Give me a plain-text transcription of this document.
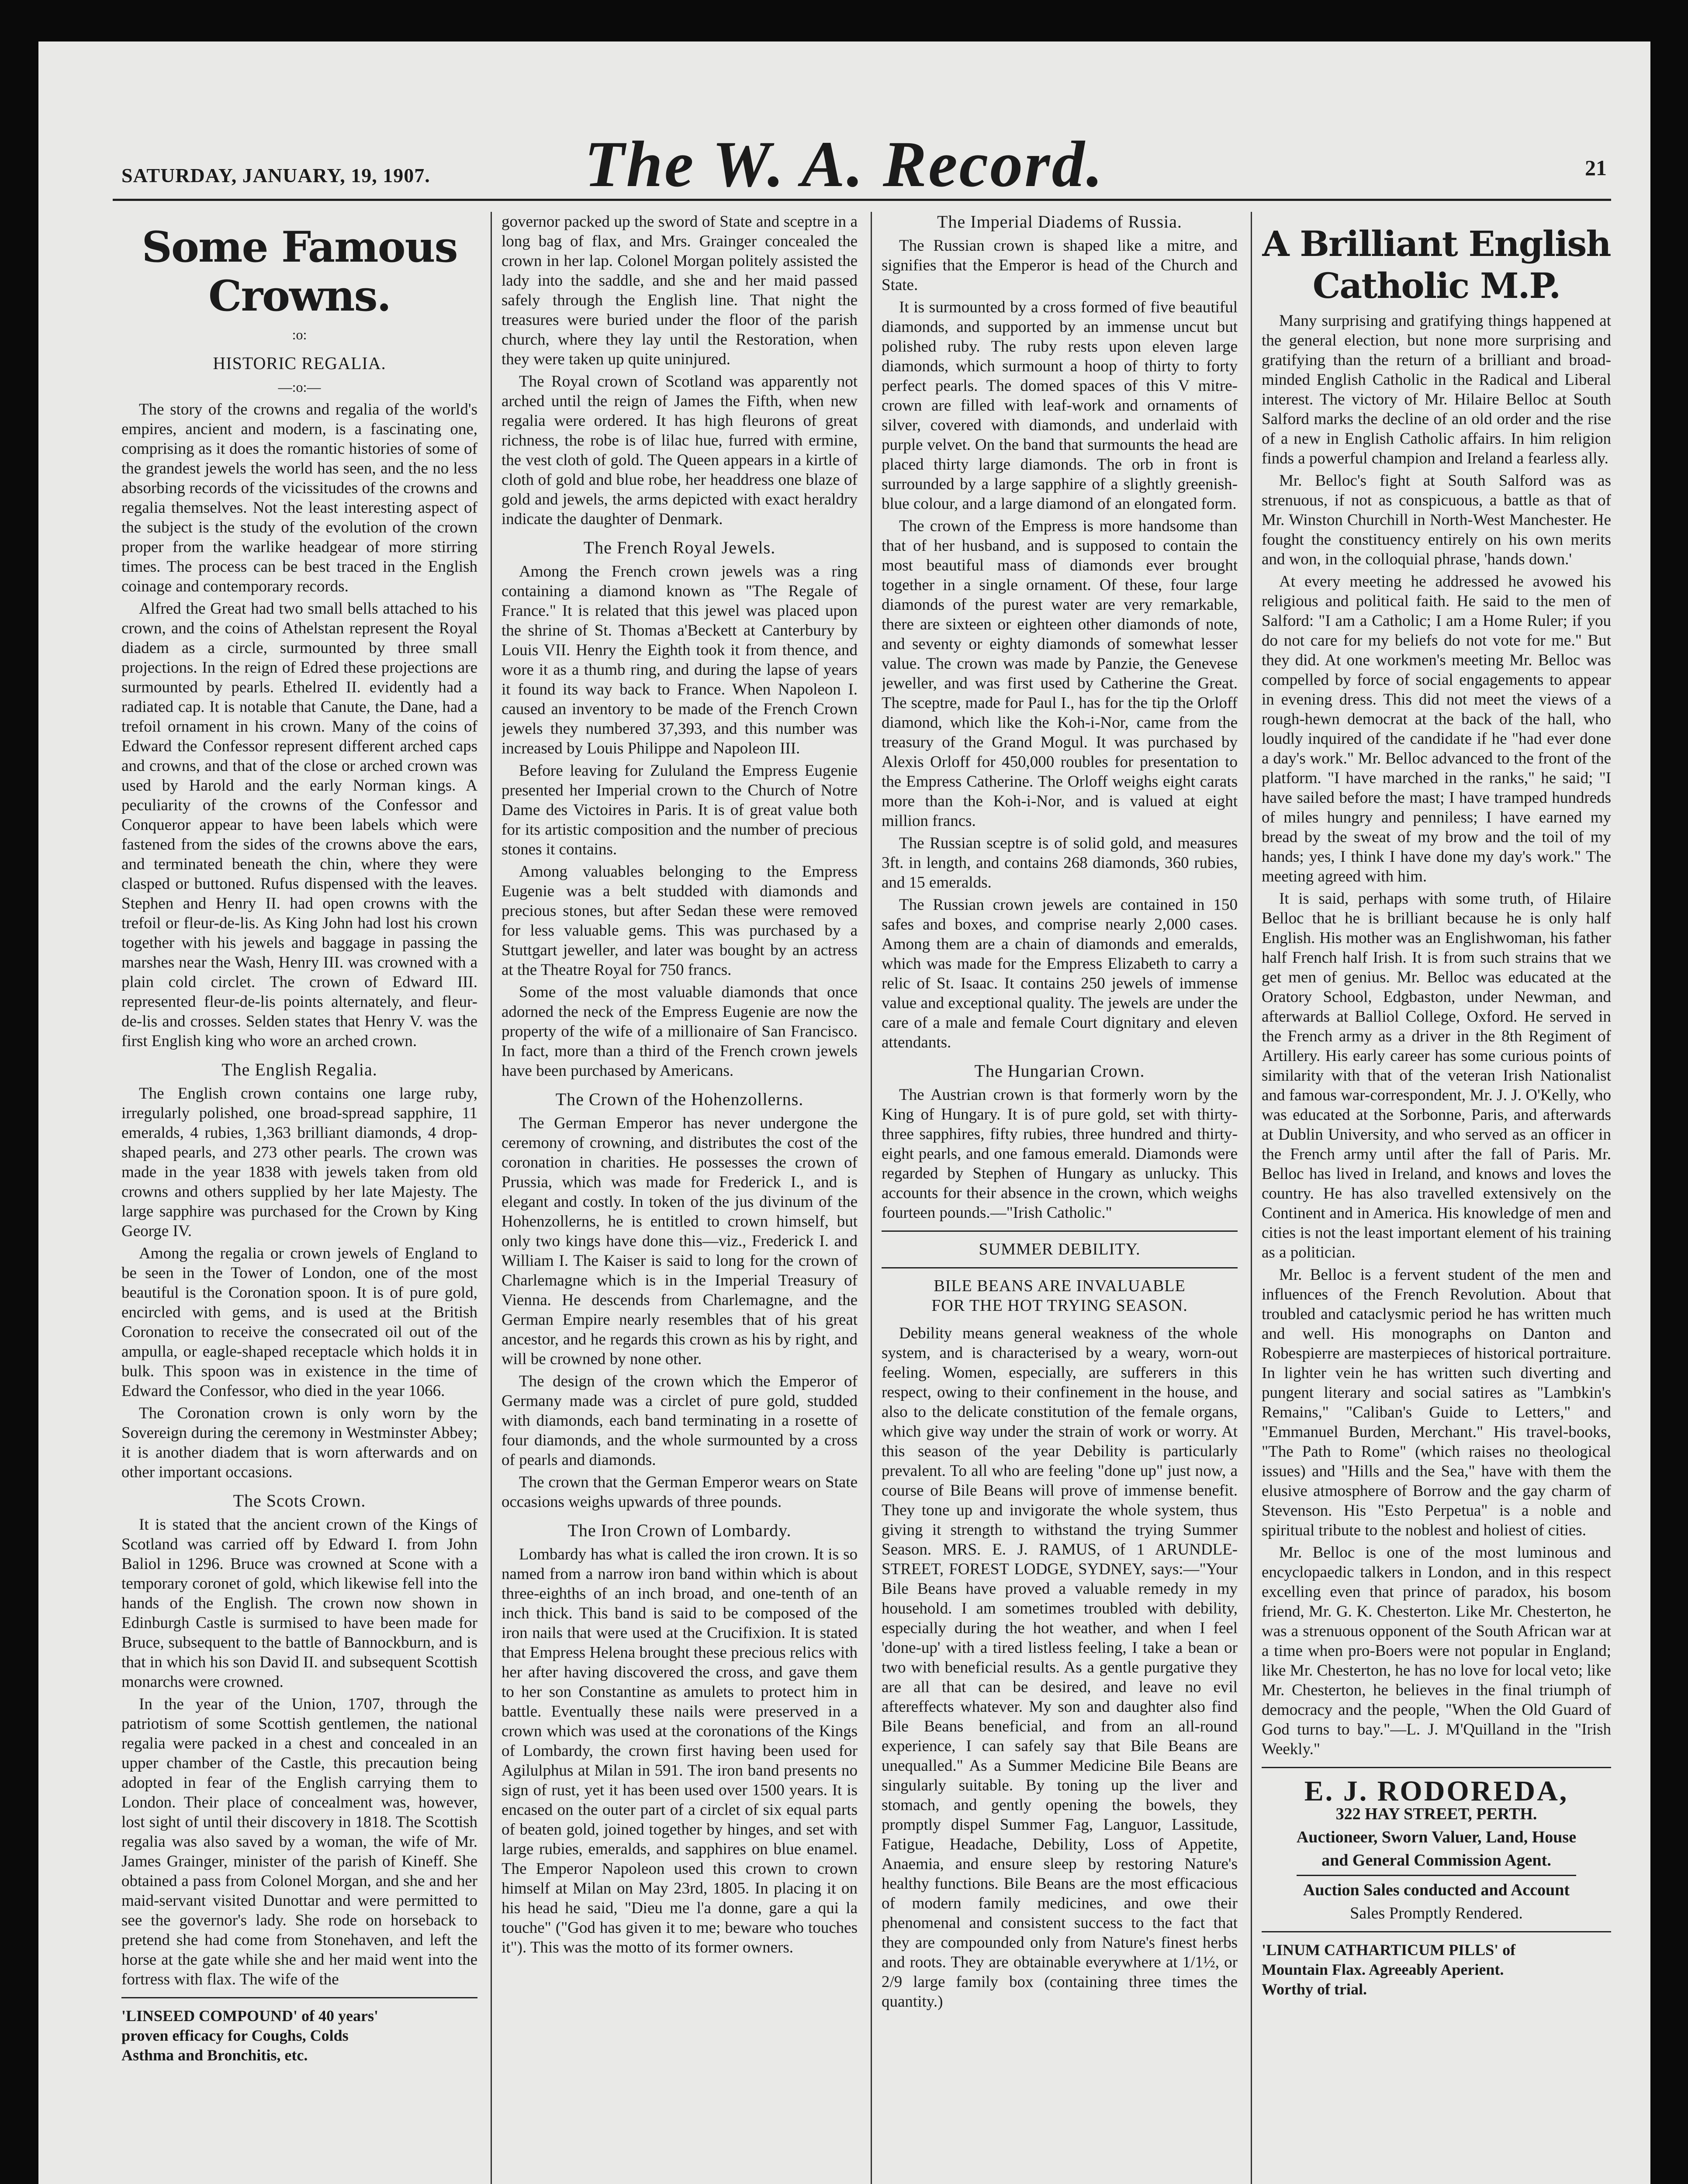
SATURDAY, JANUARY, 19, 1907.	The W. A. Record.	21
Some Famous Crowns.
:o:
HISTORIC REGALIA.
—:o:—

The story of the crowns and regalia of the world's empires, ancient and modern, is a fascinating one, comprising as it does the romantic histories of some of the grandest jewels the world has seen, and the no less absorbing records of the vicissitudes of the crowns and regalia themselves. Not the least interesting aspect of the subject is the study of the evolution of the crown proper from the warlike headgear of more stirring times. The process can be best traced in the English coinage and contemporary records.

Alfred the Great had two small bells attached to his crown, and the coins of Athelstan represent the Royal diadem as a circle, surmounted by three small projections. In the reign of Edred these projections are surmounted by pearls. Ethelred II. evidently had a radiated cap. It is notable that Canute, the Dane, had a trefoil ornament in his crown. Many of the coins of Edward the Confessor represent different arched caps and crowns, and that of the close or arched crown was used by Harold and the early Norman kings. A peculiarity of the crowns of the Confessor and Conqueror appear to have been labels which were fastened from the sides of the crowns above the ears, and terminated beneath the chin, where they were clasped or buttoned. Rufus dispensed with the leaves. Stephen and Henry II. had open crowns with the trefoil or fleur-de-lis. As King John had lost his crown together with his jewels and baggage in passing the marshes near the Wash, Henry III. was crowned with a plain cold circlet. The crown of Edward III. represented fleur-de-lis points alternately, and fleur-de-lis and crosses. Selden states that Henry V. was the first English king who wore an arched crown.

The English Regalia.

The English crown contains one large ruby, irregularly polished, one broad-spread sapphire, 11 emeralds, 4 rubies, 1,363 brilliant diamonds, 4 drop-shaped pearls, and 273 other pearls. The crown was made in the year 1838 with jewels taken from old crowns and others supplied by her late Majesty. The large sapphire was purchased for the Crown by King George IV.

Among the regalia or crown jewels of England to be seen in the Tower of London, one of the most beautiful is the Coronation spoon. It is of pure gold, encircled with gems, and is used at the British Coronation to receive the consecrated oil out of the ampulla, or eagle-shaped receptacle which holds it in bulk. This spoon was in existence in the time of Edward the Confessor, who died in the year 1066.

The Coronation crown is only worn by the Sovereign during the ceremony in Westminster Abbey; it is another diadem that is worn afterwards and on other important occasions.

The Scots Crown.

It is stated that the ancient crown of the Kings of Scotland was carried off by Edward I. from John Baliol in 1296. Bruce was crowned at Scone with a temporary coronet of gold, which likewise fell into the hands of the English. The crown now shown in Edinburgh Castle is surmised to have been made for Bruce, subsequent to the battle of Bannockburn, and is that in which his son David II. and subsequent Scottish monarchs were crowned.

In the year of the Union, 1707, through the patriotism of some Scottish gentlemen, the national regalia were packed in a chest and concealed in an upper chamber of the Castle, this precaution being adopted in fear of the English carrying them to London. Their place of concealment was, however, lost sight of until their discovery in 1818. The Scottish regalia was also saved by a woman, the wife of Mr. James Grainger, minister of the parish of Kineff. She obtained a pass from Colonel Morgan, and she and her maid-servant visited Dunottar and were permitted to see the governor's lady. She rode on horseback to pretend she had come from Stonehaven, and left the horse at the gate while she and her maid went into the fortress with flax. The wife of the

'LINSEED COMPOUND' of 40 years'
proven efficacy for Coughs, Colds
Asthma and Bronchitis, etc.

governor packed up the sword of State and sceptre in a long bag of flax, and Mrs. Grainger concealed the crown in her lap. Colonel Morgan politely assisted the lady into the saddle, and she and her maid passed safely through the English line. That night the treasures were buried under the floor of the parish church, where they lay until the Restoration, when they were taken up quite uninjured.

The Royal crown of Scotland was apparently not arched until the reign of James the Fifth, when new regalia were ordered. It has high fleurons of great richness, the robe is of lilac hue, furred with ermine, the vest cloth of gold. The Queen appears in a kirtle of cloth of gold and blue robe, her headdress one blaze of gold and jewels, the arms depicted with exact heraldry indicate the daughter of Denmark.

The French Royal Jewels.

Among the French crown jewels was a ring containing a diamond known as "The Regale of France." It is related that this jewel was placed upon the shrine of St. Thomas a'Beckett at Canterbury by Louis VII. Henry the Eighth took it from thence, and wore it as a thumb ring, and during the lapse of years it found its way back to France. When Napoleon I. caused an inventory to be made of the French Crown jewels they numbered 37,393, and this number was increased by Louis Philippe and Napoleon III.

Before leaving for Zululand the Empress Eugenie presented her Imperial crown to the Church of Notre Dame des Victoires in Paris. It is of great value both for its artistic composition and the number of precious stones it contains.

Among valuables belonging to the Empress Eugenie was a belt studded with diamonds and precious stones, but after Sedan these were removed for less valuable gems. This was purchased by a Stuttgart jeweller, and later was bought by an actress at the Theatre Royal for 750 francs.

Some of the most valuable diamonds that once adorned the neck of the Empress Eugenie are now the property of the wife of a millionaire of San Francisco. In fact, more than a third of the French crown jewels have been purchased by Americans.

The Crown of the Hohenzollerns.

The German Emperor has never undergone the ceremony of crowning, and distributes the cost of the coronation in charities. He possesses the crown of Prussia, which was made for Frederick I., and is elegant and costly. In token of the jus divinum of the Hohenzollerns, he is entitled to crown himself, but only two kings have done this—viz., Frederick I. and William I. The Kaiser is said to long for the crown of Charlemagne which is in the Imperial Treasury of Vienna. He descends from Charlemagne, and the German Empire nearly resembles that of his great ancestor, and he regards this crown as his by right, and will be crowned by none other.

The design of the crown which the Emperor of Germany made was a circlet of pure gold, studded with diamonds, each band terminating in a rosette of four diamonds, and the whole surmounted by a cross of pearls and diamonds.

The crown that the German Emperor wears on State occasions weighs upwards of three pounds.

The Iron Crown of Lombardy.

Lombardy has what is called the iron crown. It is so named from a narrow iron band within which is about three-eighths of an inch broad, and one-tenth of an inch thick. This band is said to be composed of the iron nails that were used at the Crucifixion. It is stated that Empress Helena brought these precious relics with her after having discovered the cross, and gave them to her son Constantine as amulets to protect him in battle. Eventually these nails were preserved in a crown which was used at the coronations of the Kings of Lombardy, the crown first having been used for Agilulphus at Milan in 591. The iron band presents no sign of rust, yet it has been used over 1500 years. It is encased on the outer part of a circlet of six equal parts of beaten gold, joined together by hinges, and set with large rubies, emeralds, and sapphires on blue enamel. The Emperor Napoleon used this crown to crown himself at Milan on May 23rd, 1805. In placing it on his head he said, "Dieu me l'a donne, gare a qui la touche" ("God has given it to me; beware who touches it"). This was the motto of its former owners.

The Imperial Diadems of Russia.

The Russian crown is shaped like a mitre, and signifies that the Emperor is head of the Church and State.

It is surmounted by a cross formed of five beautiful diamonds, and supported by an immense uncut but polished ruby. The ruby rests upon eleven large diamonds, which surmount a hoop of thirty to forty perfect pearls. The domed spaces of this V mitre-crown are filled with leaf-work and ornaments of silver, covered with diamonds, and underlaid with purple velvet. On the band that surmounts the head are placed thirty large diamonds. The orb in front is surrounded by a large sapphire of a slightly greenish-blue colour, and a large diamond of an elongated form.

The crown of the Empress is more handsome than that of her husband, and is supposed to contain the most beautiful mass of diamonds ever brought together in a single ornament. Of these, four large diamonds of the purest water are very remarkable, there are sixteen or eighteen other diamonds of note, and seventy or eighty diamonds of somewhat lesser value. The crown was made by Panzie, the Genevese jeweller, and was first used by Catherine the Great. The sceptre, made for Paul I., has for the tip the Orloff diamond, which like the Koh-i-Nor, came from the treasury of the Grand Mogul. It was purchased by Alexis Orloff for 450,000 roubles for presentation to the Empress Catherine. The Orloff weighs eight carats more than the Koh-i-Nor, and is valued at eight million francs.

The Russian sceptre is of solid gold, and measures 3ft. in length, and contains 268 diamonds, 360 rubies, and 15 emeralds.

The Russian crown jewels are contained in 150 safes and boxes, and comprise nearly 2,000 cases. Among them are a chain of diamonds and emeralds, which was made for the Empress Elizabeth to carry a relic of St. Isaac. It contains 250 jewels of immense value and exceptional quality. The jewels are under the care of a male and female Court dignitary and eleven attendants.

The Hungarian Crown.

The Austrian crown is that formerly worn by the King of Hungary. It is of pure gold, set with thirty-three sapphires, fifty rubies, three hundred and thirty-eight pearls, and one famous emerald. Diamonds were regarded by Stephen of Hungary as unlucky. This accounts for their absence in the crown, which weighs fourteen pounds.—"Irish Catholic."

SUMMER DEBILITY.
BILE BEANS ARE INVALUABLE
FOR THE HOT TRYING SEASON.

Debility means general weakness of the whole system, and is characterised by a weary, worn-out feeling. Women, especially, are sufferers in this respect, owing to their confinement in the house, and also to the delicate constitution of the female organs, which give way under the strain of work or worry. At this season of the year Debility is particularly prevalent. To all who are feeling "done up" just now, a course of Bile Beans will prove of immense benefit. They tone up and invigorate the whole system, thus giving it strength to withstand the trying Summer Season. MRS. E. J. RAMUS, of 1 ARUNDLE-STREET, FOREST LODGE, SYDNEY, says:—"Your Bile Beans have proved a valuable remedy in my household. I am sometimes troubled with debility, especially during the hot weather, and when I feel 'done-up' with a tired listless feeling, I take a bean or two with beneficial results. As a gentle purgative they are all that can be desired, and leave no evil aftereffects whatever. My son and daughter also find Bile Beans beneficial, and from an all-round experience, I can safely say that Bile Beans are unequalled." As a Summer Medicine Bile Beans are singularly suitable. By toning up the liver and stomach, and gently opening the bowels, they promptly dispel Summer Fag, Languor, Lassitude, Fatigue, Headache, Debility, Loss of Appetite, Anaemia, and ensure sleep by restoring Nature's healthy functions. Bile Beans are the most efficacious of modern family medicines, and owe their phenomenal and consistent success to the fact that they are compounded only from Nature's finest herbs and roots. They are obtainable everywhere at 1/1½, or 2/9 large family box (containing three times the quantity.)

A Brilliant English
Catholic M.P.

Many surprising and gratifying things happened at the general election, but none more surprising and gratifying than the return of a brilliant and broad-minded English Catholic in the Radical and Liberal interest. The victory of Mr. Hilaire Belloc at South Salford marks the decline of an old order and the rise of a new in English Catholic affairs. In him religion finds a powerful champion and Ireland a fearless ally.

Mr. Belloc's fight at South Salford was as strenuous, if not as conspicuous, a battle as that of Mr. Winston Churchill in North-West Manchester. He fought the constituency entirely on his own merits and won, in the colloquial phrase, 'hands down.'

At every meeting he addressed he avowed his religious and political faith. He said to the men of Salford: "I am a Catholic; I am a Home Ruler; if you do not care for my beliefs do not vote for me." But they did. At one workmen's meeting Mr. Belloc was compelled by force of social engagements to appear in evening dress. This did not meet the views of a rough-hewn democrat at the back of the hall, who loudly inquired of the candidate if he "had ever done a day's work." Mr. Belloc advanced to the front of the platform. "I have marched in the ranks," he said; "I have sailed before the mast; I have tramped hundreds of miles hungry and penniless; I have earned my bread by the sweat of my brow and the toil of my hands; yes, I think I have done my day's work." The meeting agreed with him.

It is said, perhaps with some truth, of Hilaire Belloc that he is brilliant because he is only half English. His mother was an Englishwoman, his father half French half Irish. It is from such strains that we get men of genius. Mr. Belloc was educated at the Oratory School, Edgbaston, under Newman, and afterwards at Balliol College, Oxford. He served in the French army as a driver in the 8th Regiment of Artillery. His early career has some curious points of similarity with that of the veteran Irish Nationalist and famous war-correspondent, Mr. J. J. O'Kelly, who was educated at the Sorbonne, Paris, and afterwards at Dublin University, and who served as an officer in the French army until after the fall of Paris. Mr. Belloc has lived in Ireland, and knows and loves the country. He has also travelled extensively on the Continent and in America. His knowledge of men and cities is not the least important element of his training as a politician.

Mr. Belloc is a fervent student of the men and influences of the French Revolution. About that troubled and cataclysmic period he has written much and well. His monographs on Danton and Robespierre are masterpieces of historical portraiture. In lighter vein he has written such diverting and pungent literary and social satires as "Lambkin's Remains," "Caliban's Guide to Letters," and "Emmanuel Burden, Merchant." His travel-books, "The Path to Rome" (which raises no theological issues) and "Hills and the Sea," have with them the elusive atmosphere of Borrow and the gay charm of Stevenson. His "Esto Perpetua" is a noble and spiritual tribute to the noblest and holiest of cities.

Mr. Belloc is one of the most luminous and encyclopaedic talkers in London, and in this respect excelling even that prince of paradox, his bosom friend, Mr. G. K. Chesterton. Like Mr. Chesterton, he was a strenuous opponent of the South African war at a time when pro-Boers were not popular in England; like Mr. Chesterton, he has no love for local veto; like Mr. Chesterton, he believes in the final triumph of democracy and the people, "When the Old Guard of God turns to bay."—L. J. M'Quilland in the "Irish Weekly."

E. J. RODOREDA,
322 HAY STREET, PERTH.
Auctioneer, Sworn Valuer, Land, House
and General Commission Agent.
Auction Sales conducted and Account
Sales Promptly Rendered.
'LINUM CATHARTICUM PILLS' of
Mountain Flax. Agreeably Aperient.
Worthy of trial.
